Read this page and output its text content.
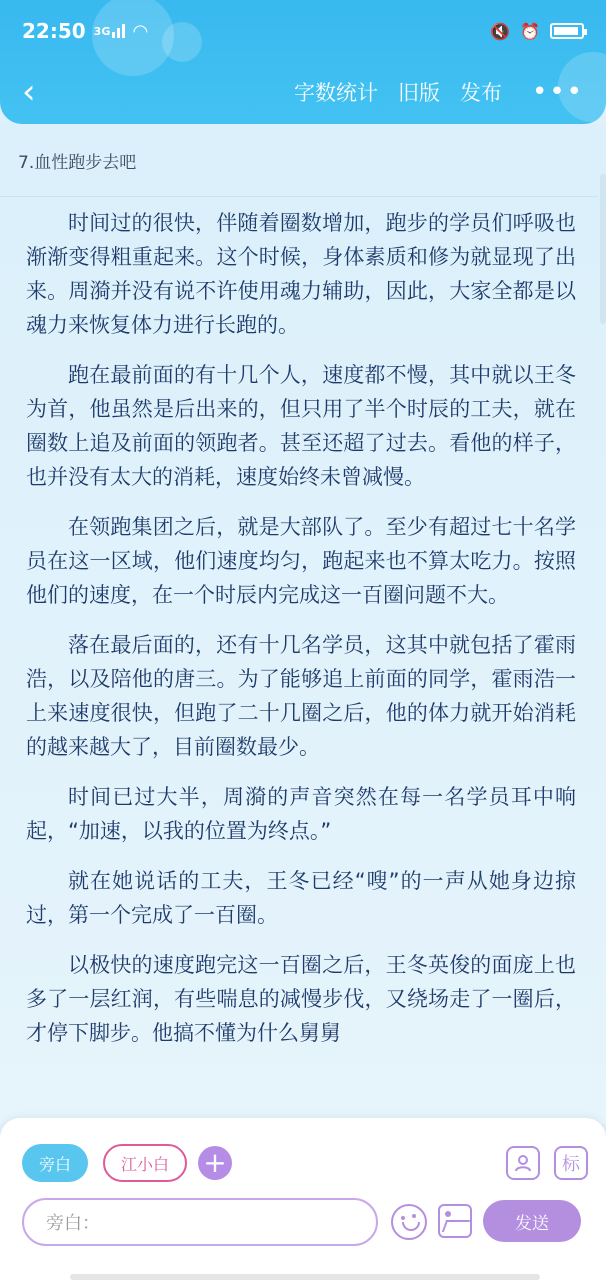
22:50 3G ◠	🔇 ⏰
‹	字数统计 旧版 发布 •••
7.血性跑步去吧

时间过的很快，伴随着圈数增加，跑步的学员们呼吸也渐渐变得粗重起来。这个时候，身体素质和修为就显现了出来。周漪并没有说不许使用魂力辅助，因此，大家全都是以魂力来恢复体力进行长跑的。

跑在最前面的有十几个人，速度都不慢，其中就以王冬为首，他虽然是后出来的，但只用了半个时辰的工夫，就在圈数上追及前面的领跑者。甚至还超了过去。看他的样子，也并没有太大的消耗，速度始终未曾减慢。

在领跑集团之后，就是大部队了。至少有超过七十名学员在这一区域，他们速度均匀，跑起来也不算太吃力。按照他们的速度，在一个时辰内完成这一百圈问题不大。

落在最后面的，还有十几名学员，这其中就包括了霍雨浩，以及陪他的唐三。为了能够追上前面的同学，霍雨浩一上来速度很快，但跑了二十几圈之后，他的体力就开始消耗的越来越大了，目前圈数最少。

时间已过大半，周漪的声音突然在每一名学员耳中响起，“加速，以我的位置为终点。”

就在她说话的工夫，王冬已经“嗖”的一声从她身边掠过，第一个完成了一百圈。

以极快的速度跑完这一百圈之后，王冬英俊的面庞上也多了一层红润，有些喘息的减慢步伐，又绕场走了一圈后，才停下脚步。他搞不懂为什么舅舅

旁白	江小白	+	标
旁白：	发送
